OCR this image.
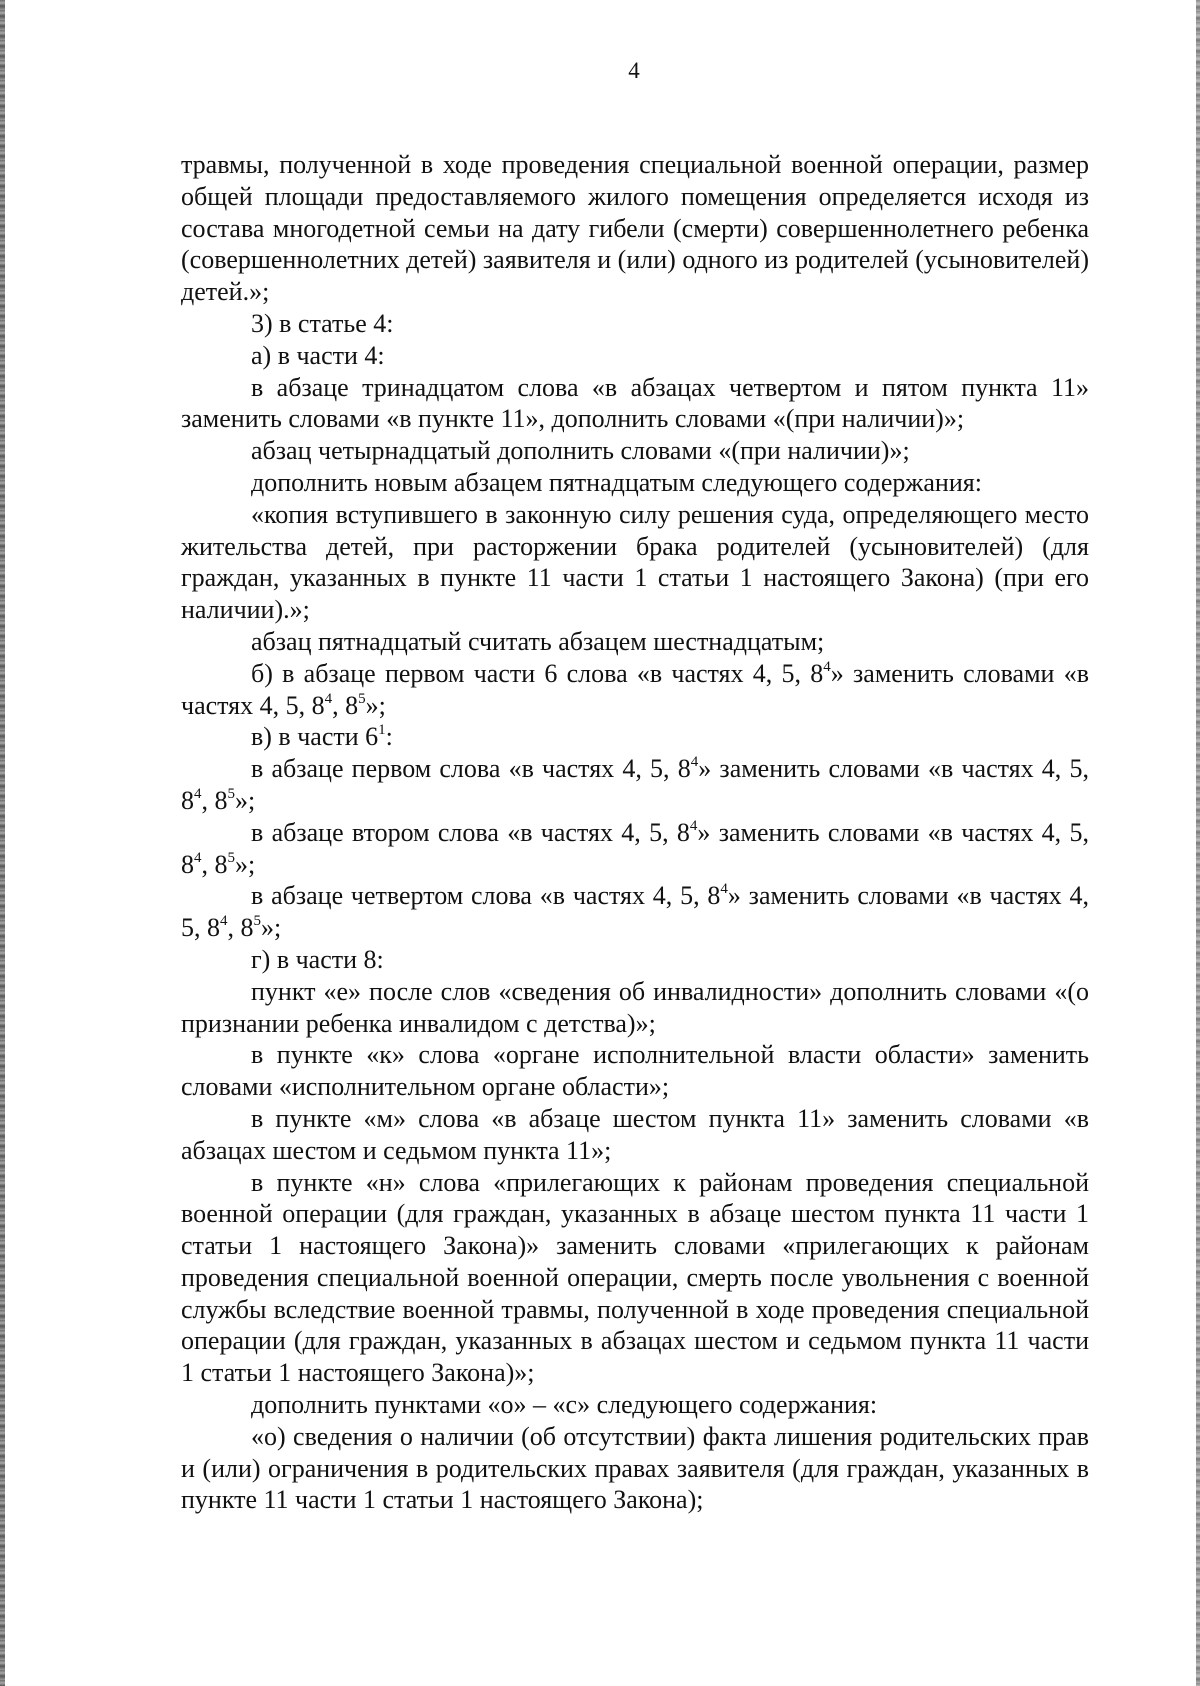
4

травмы, полученной в ходе проведения специальной военной операции, размер общей площади предоставляемого жилого помещения определяется исходя из состава многодетной семьи на дату гибели (смерти) совершеннолетнего ребенка (совершеннолетних детей) заявителя и (или) одного из родителей (усыновителей) детей.»;

3) в статье 4:

а) в части 4:

в абзаце тринадцатом слова «в абзацах четвертом и пятом пункта 11» заменить словами «в пункте 11», дополнить словами «(при наличии)»;

абзац четырнадцатый дополнить словами «(при наличии)»;

дополнить новым абзацем пятнадцатым следующего содержания:

«копия вступившего в законную силу решения суда, определяющего место жительства детей, при расторжении брака родителей (усыновителей) (для граждан, указанных в пункте 11 части 1 статьи 1 настоящего Закона) (при его наличии).»;

абзац пятнадцатый считать абзацем шестнадцатым;

б) в абзаце первом части 6 слова «в частях 4, 5, $8^4$» заменить словами «в частях 4, 5, $8^4$, $8^5$»;

в) в части $6^1$:

в абзаце первом слова «в частях 4, 5, $8^4$» заменить словами «в частях 4, 5, $8^4$, $8^5$»;

в абзаце втором слова «в частях 4, 5, $8^4$» заменить словами «в частях 4, 5, $8^4$, $8^5$»;

в абзаце четвертом слова «в частях 4, 5, $8^4$» заменить словами «в частях 4, 5, $8^4$, $8^5$»;

г) в части 8:

пункт «е» после слов «сведения об инвалидности» дополнить словами «(о признании ребенка инвалидом с детства)»;

в пункте «к» слова «органе исполнительной власти области» заменить словами «исполнительном органе области»;

в пункте «м» слова «в абзаце шестом пункта 11» заменить словами «в абзацах шестом и седьмом пункта 11»;

в пункте «н» слова «прилегающих к районам проведения специальной военной операции (для граждан, указанных в абзаце шестом пункта 11 части 1 статьи 1 настоящего Закона)» заменить словами «прилегающих к районам проведения специальной военной операции, смерть после увольнения с военной службы вследствие военной травмы, полученной в ходе проведения специальной операции (для граждан, указанных в абзацах шестом и седьмом пункта 11 части 1 статьи 1 настоящего Закона)»;

дополнить пунктами «о» – «с» следующего содержания:

«о) сведения о наличии (об отсутствии) факта лишения родительских прав и (или) ограничения в родительских правах заявителя (для граждан, указанных в пункте 11 части 1 статьи 1 настоящего Закона);
